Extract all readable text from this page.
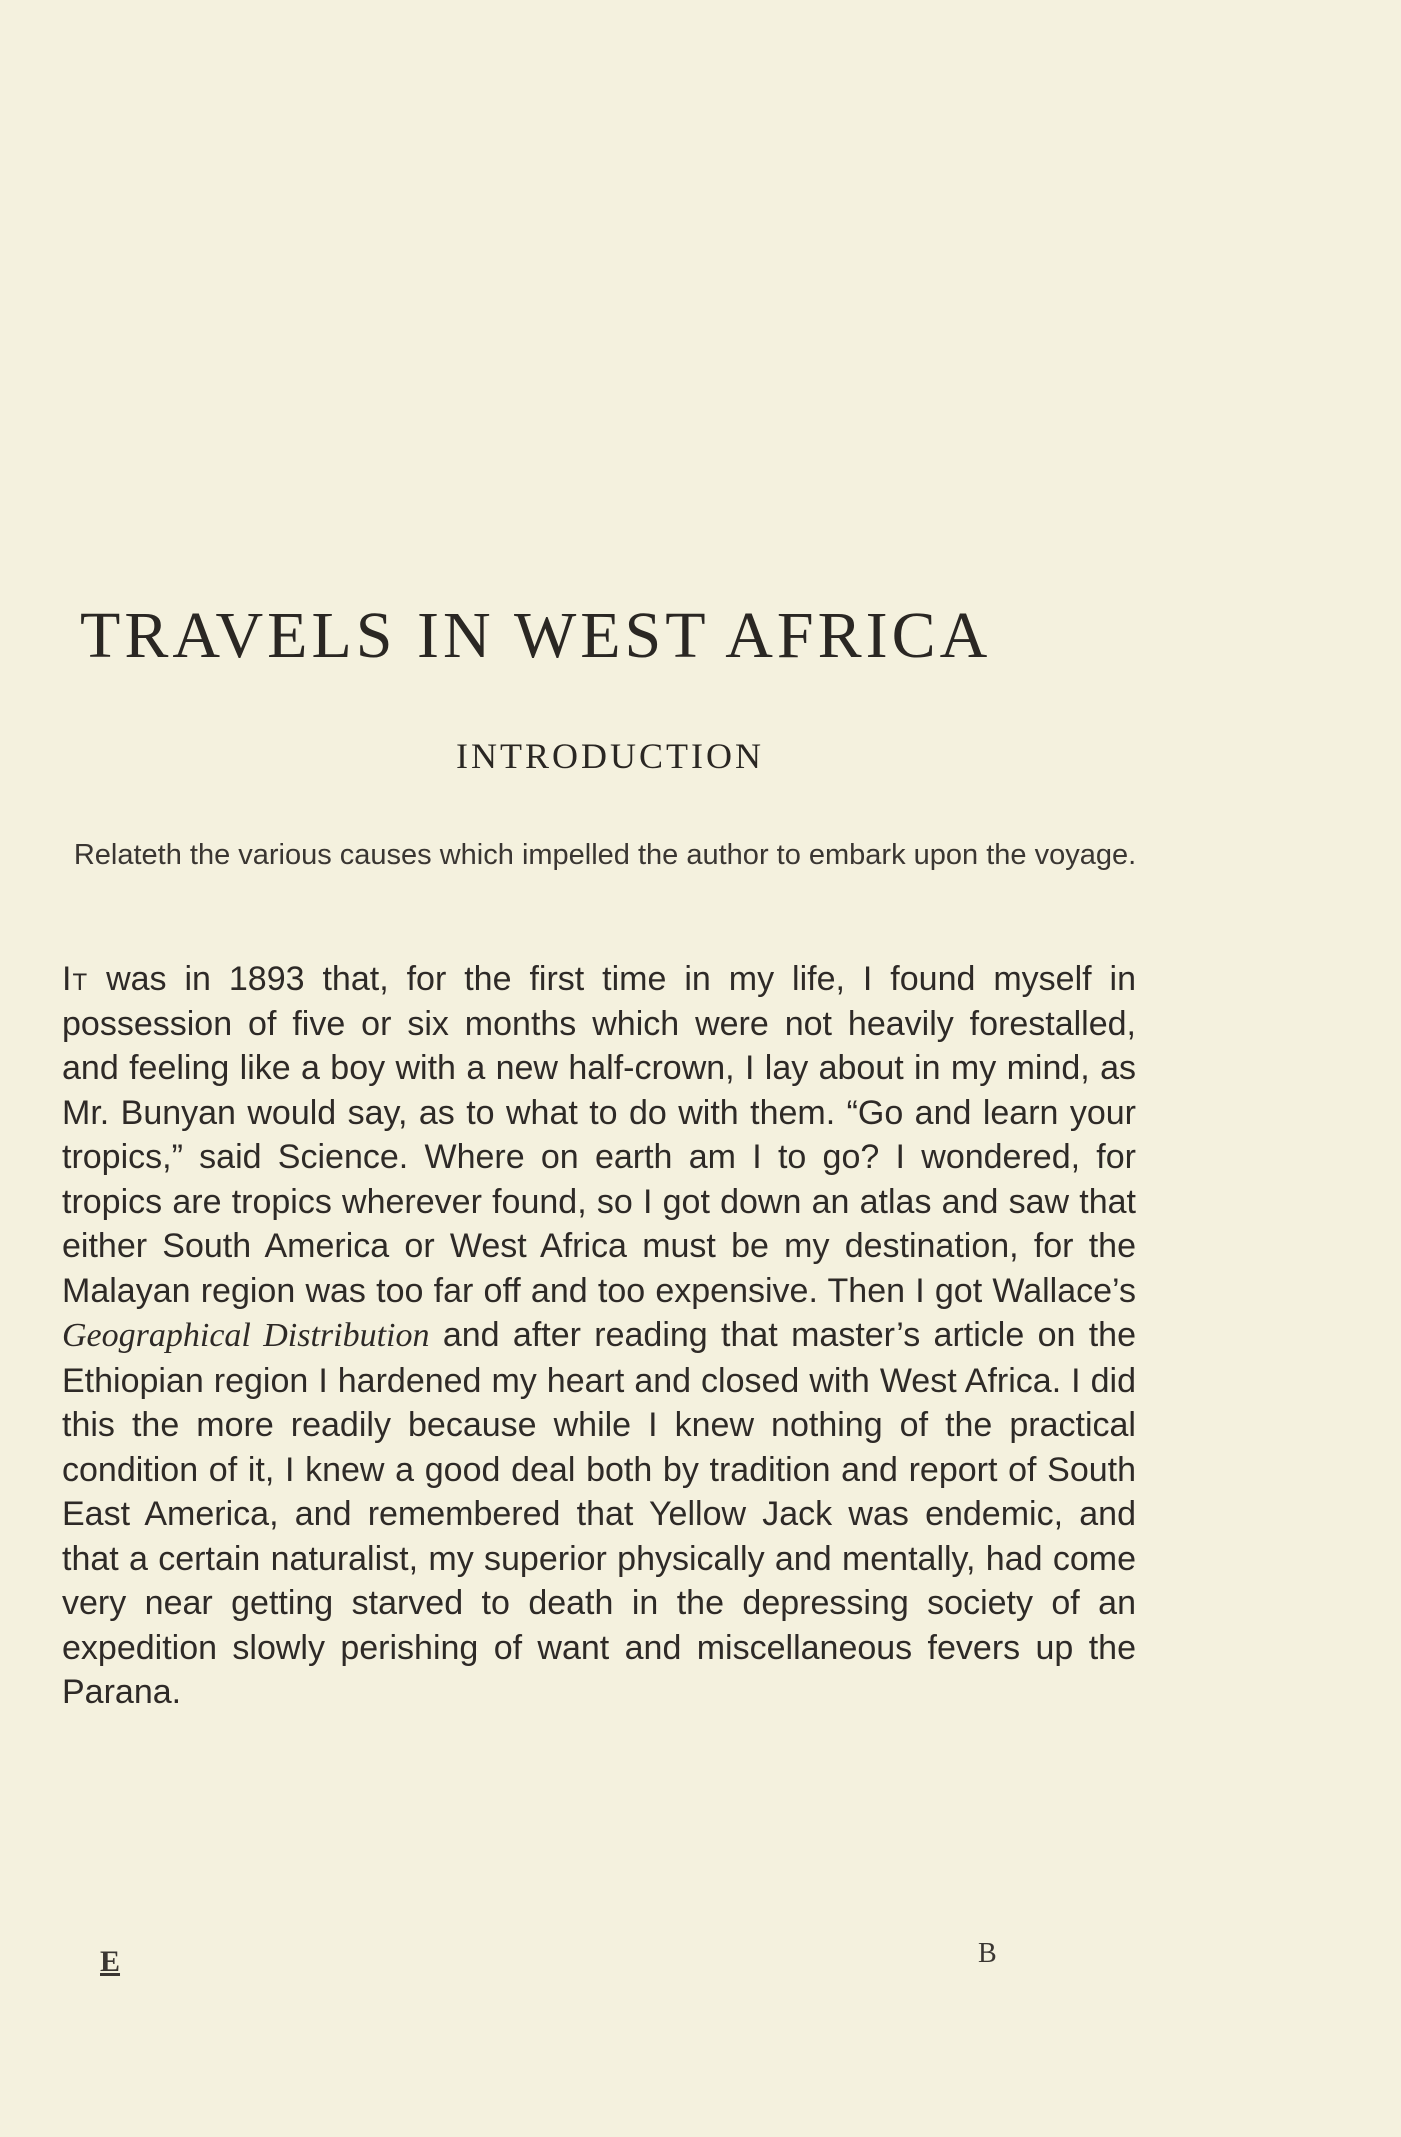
TRAVELS IN WEST AFRICA
INTRODUCTION

Relateth the various causes which impelled the author to embark upon the voyage.

It was in 1893 that, for the first time in my life, I found myself in possession of five or six months which were not heavily forestalled, and feeling like a boy with a new half-crown, I lay about in my mind, as Mr. Bunyan would say, as to what to do with them. “Go and learn your tropics,” said Science. Where on earth am I to go? I wondered, for tropics are tropics wherever found, so I got down an atlas and saw that either South America or West Africa must be my destination, for the Malayan region was too far off and too expensive. Then I got Wallace’s Geographical Distribution and after reading that master’s article on the Ethiopian region I hardened my heart and closed with West Africa. I did this the more readily because while I knew nothing of the practical condition of it, I knew a good deal both by tradition and report of South East America, and remembered that Yellow Jack was endemic, and that a certain naturalist, my superior physically and mentally, had come very near getting starved to death in the depressing society of an expedition slowly perishing of want and miscellaneous fevers up the Parana.

E	B
